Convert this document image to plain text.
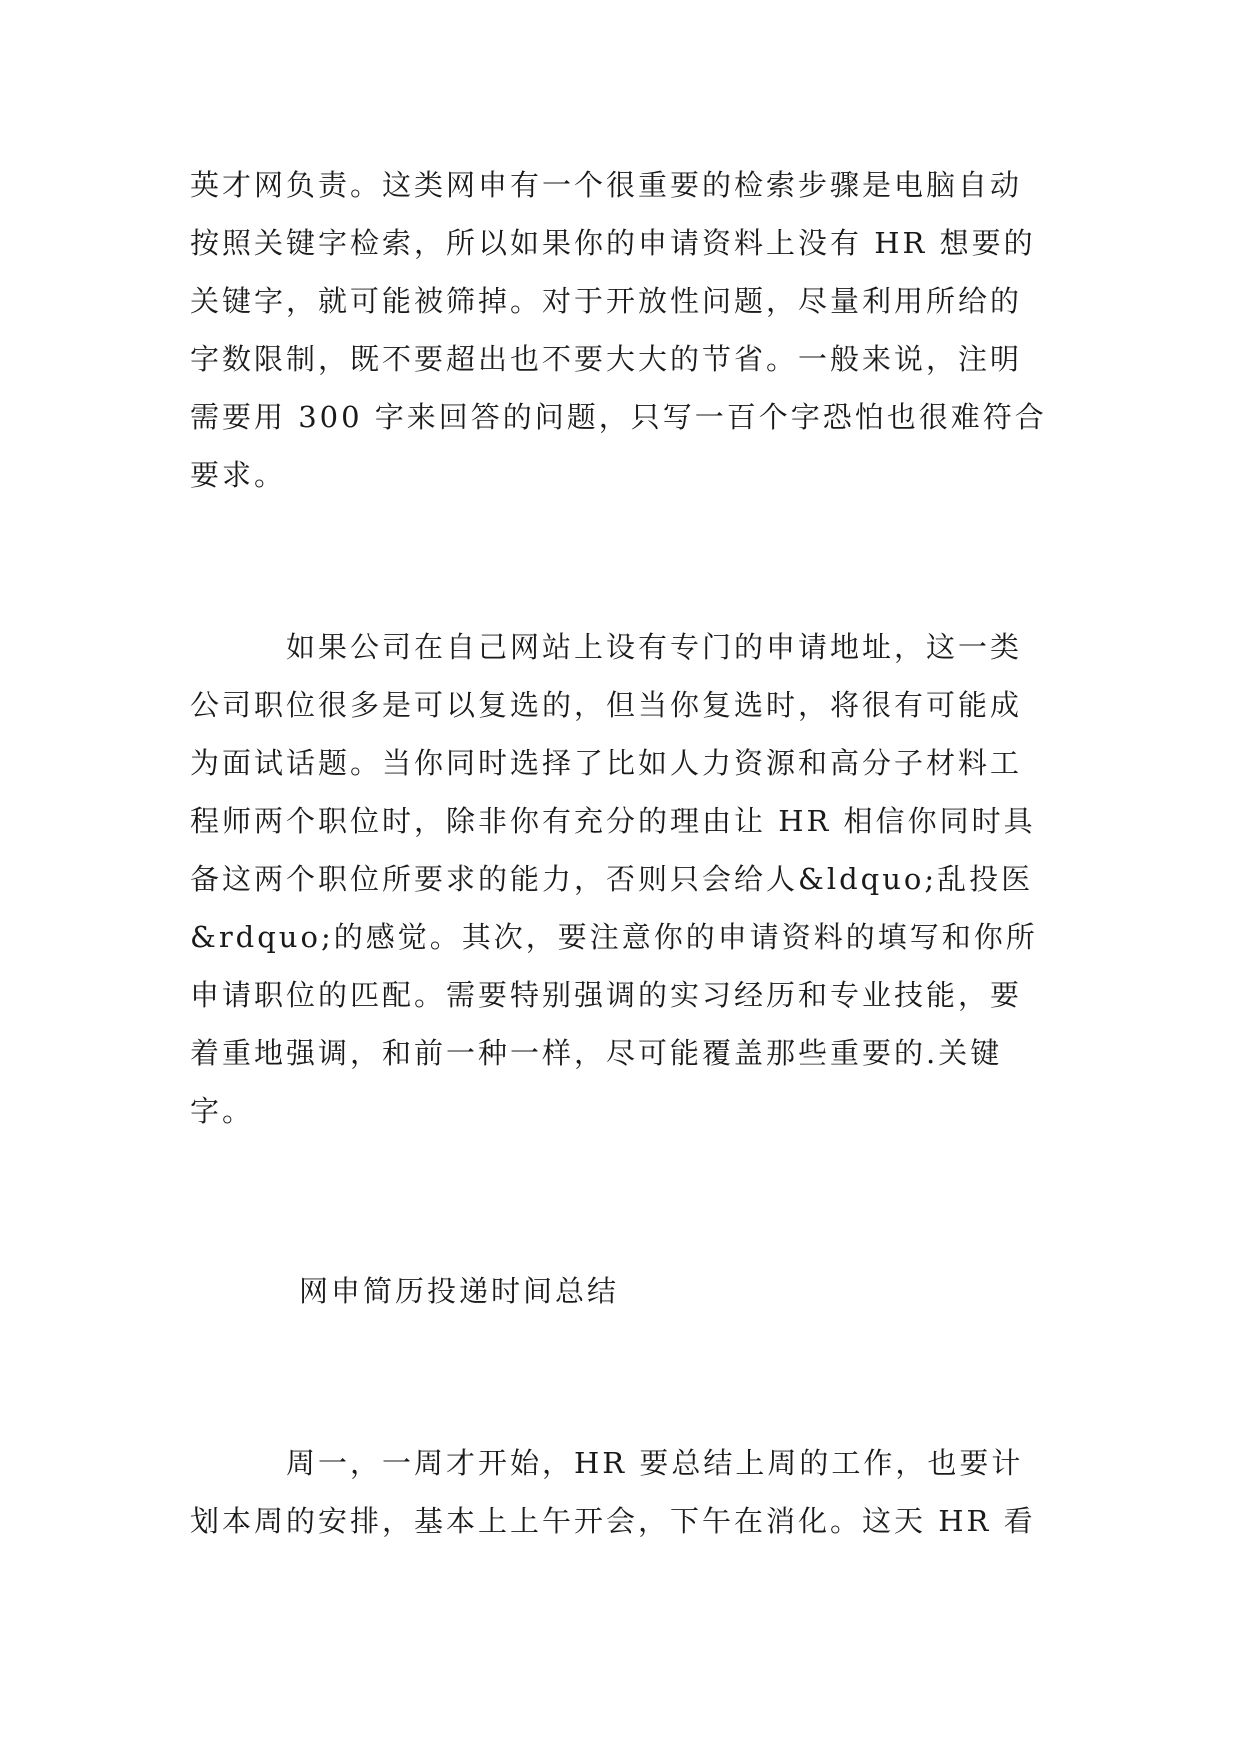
英才网负责。这类网申有一个很重要的检索步骤是电脑自动
按照关键字检索，所以如果你的申请资料上没有 HR 想要的
关键字，就可能被筛掉。对于开放性问题，尽量利用所给的
字数限制，既不要超出也不要大大的节省。一般来说，注明
需要用 300 字来回答的问题，只写一百个字恐怕也很难符合
要求。

　　　如果公司在自己网站上设有专门的申请地址，这一类
公司职位很多是可以复选的，但当你复选时，将很有可能成
为面试话题。当你同时选择了比如人力资源和高分子材料工
程师两个职位时，除非你有充分的理由让 HR 相信你同时具
备这两个职位所要求的能力，否则只会给人&ldquo;乱投医
&rdquo;的感觉。其次，要注意你的申请资料的填写和你所
申请职位的匹配。需要特别强调的实习经历和专业技能，要
着重地强调，和前一种一样，尽可能覆盖那些重要的.关键
字。

网申简历投递时间总结

　　　周一，一周才开始，HR 要总结上周的工作，也要计
划本周的安排，基本上上午开会，下午在消化。这天 HR 看
